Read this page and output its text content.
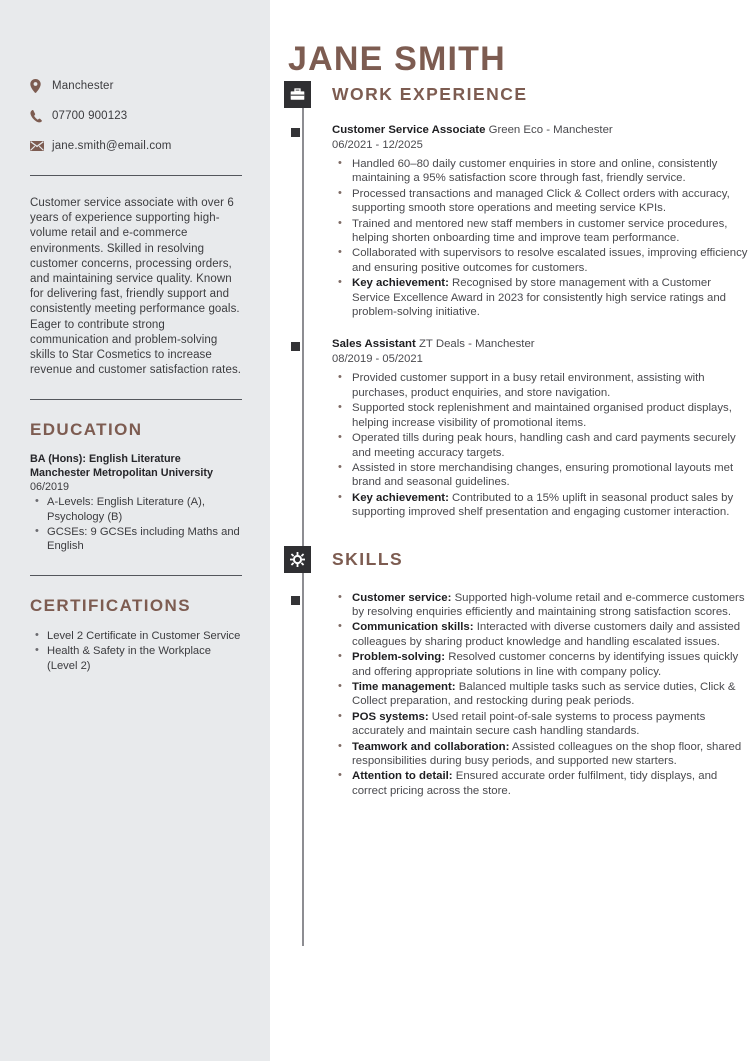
Manchester
07700 900123
jane.smith@email.com

Customer service associate with over 6 years of experience supporting high-volume retail and e-commerce environments. Skilled in resolving customer concerns, processing orders, and maintaining service quality. Known for delivering fast, friendly support and consistently meeting performance goals. Eager to contribute strong communication and problem-solving skills to Star Cosmetics to increase revenue and customer satisfaction rates.

EDUCATION
BA (Hons): English Literature Manchester Metropolitan University 06/2019
• A-Levels: English Literature (A), Psychology (B)
• GCSEs: 9 GCSEs including Maths and English
CERTIFICATIONS
• Level 2 Certificate in Customer Service
• Health & Safety in the Workplace (Level 2)
JANE SMITH
WORK EXPERIENCE
Customer Service Associate Green Eco - Manchester
06/2021 - 12/2025
• Handled 60–80 daily customer enquiries in store and online, consistently maintaining a 95% satisfaction score through fast, friendly service.
• Processed transactions and managed Click & Collect orders with accuracy, supporting smooth store operations and meeting service KPIs.
• Trained and mentored new staff members in customer service procedures, helping shorten onboarding time and improve team performance.
• Collaborated with supervisors to resolve escalated issues, improving efficiency and ensuring positive outcomes for customers.
• Key achievement: Recognised by store management with a Customer Service Excellence Award in 2023 for consistently high service ratings and problem-solving initiative.
Sales Assistant ZT Deals - Manchester
08/2019 - 05/2021
• Provided customer support in a busy retail environment, assisting with purchases, product enquiries, and store navigation.
• Supported stock replenishment and maintained organised product displays, helping increase visibility of promotional items.
• Operated tills during peak hours, handling cash and card payments securely and meeting accuracy targets.
• Assisted in store merchandising changes, ensuring promotional layouts met brand and seasonal guidelines.
• Key achievement: Contributed to a 15% uplift in seasonal product sales by supporting improved shelf presentation and engaging customer interaction.
SKILLS
• Customer service: Supported high-volume retail and e-commerce customers by resolving enquiries efficiently and maintaining strong satisfaction scores.
• Communication skills: Interacted with diverse customers daily and assisted colleagues by sharing product knowledge and handling escalated issues.
• Problem-solving: Resolved customer concerns by identifying issues quickly and offering appropriate solutions in line with company policy.
• Time management: Balanced multiple tasks such as service duties, Click & Collect preparation, and restocking during peak periods.
• POS systems: Used retail point-of-sale systems to process payments accurately and maintain secure cash handling standards.
• Teamwork and collaboration: Assisted colleagues on the shop floor, shared responsibilities during busy periods, and supported new starters.
• Attention to detail: Ensured accurate order fulfilment, tidy displays, and correct pricing across the store.
